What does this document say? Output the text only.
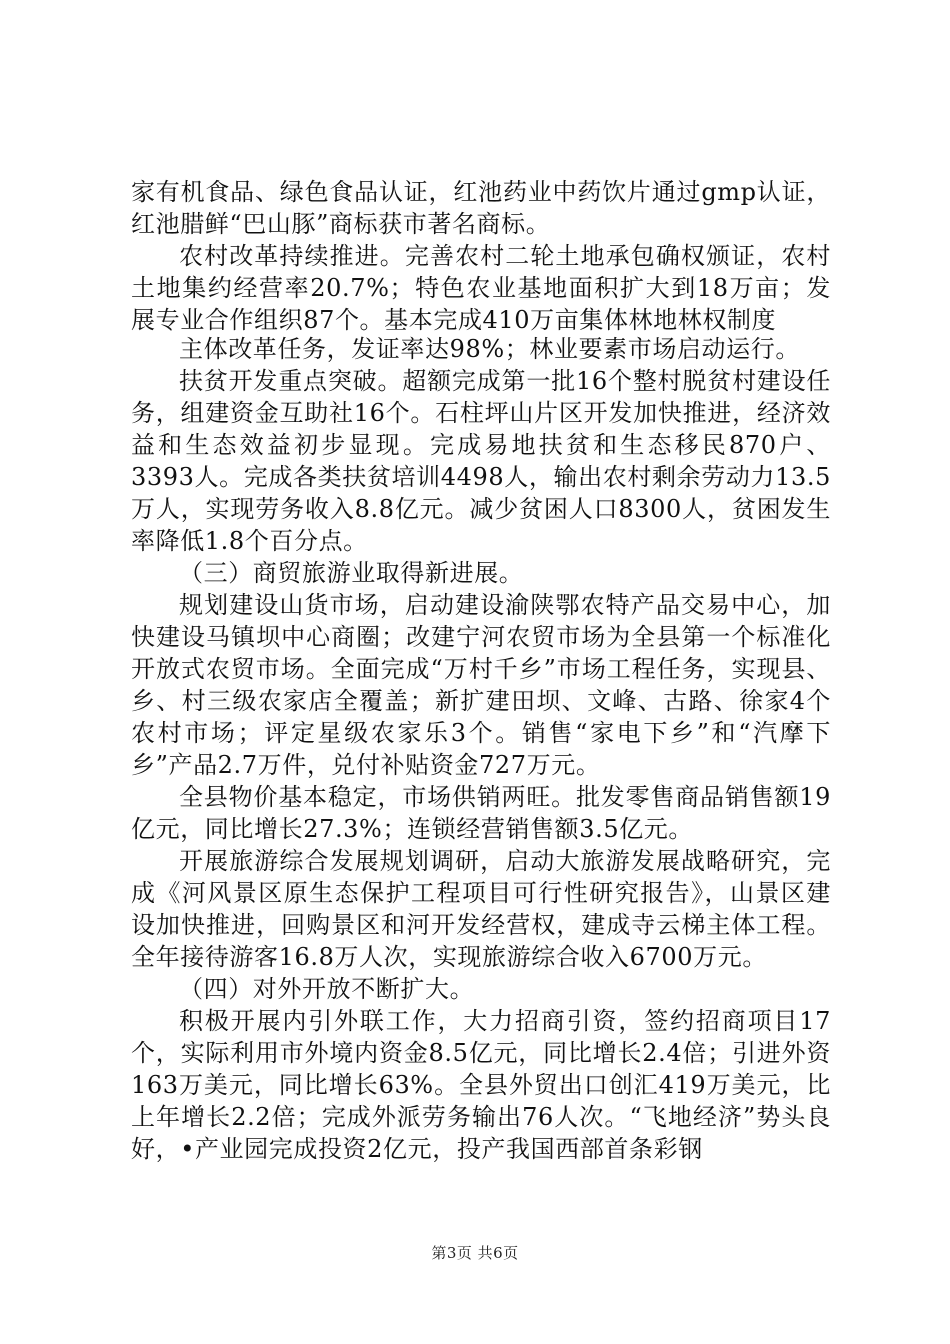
家有机食品、绿色食品认证，红池药业中药饮片通过gmp认证，红池腊鲜“巴山豚”商标获市著名商标。

农村改革持续推进。完善农村二轮土地承包确权颁证，农村土地集约经营率20.7%；特色农业基地面积扩大到18万亩；发展专业合作组织87个。基本完成410万亩集体林地林权制度

主体改革任务，发证率达98%；林业要素市场启动运行。

扶贫开发重点突破。超额完成第一批16个整村脱贫村建设任务，组建资金互助社16个。石柱坪山片区开发加快推进，经济效益和生态效益初步显现。完成易地扶贫和生态移民870户、3393人。完成各类扶贫培训4498人，输出农村剩余劳动力13.5万人，实现劳务收入8.8亿元。减少贫困人口8300人，贫困发生率降低1.8个百分点。

（三）商贸旅游业取得新进展。

规划建设山货市场，启动建设渝陕鄂农特产品交易中心，加快建设马镇坝中心商圈；改建宁河农贸市场为全县第一个标准化开放式农贸市场。全面完成“万村千乡”市场工程任务，实现县、乡、村三级农家店全覆盖；新扩建田坝、文峰、古路、徐家4个农村市场；评定星级农家乐3个。销售“家电下乡”和“汽摩下乡”产品2.7万件，兑付补贴资金727万元。

全县物价基本稳定，市场供销两旺。批发零售商品销售额19亿元，同比增长27.3%；连锁经营销售额3.5亿元。

开展旅游综合发展规划调研，启动大旅游发展战略研究，完成《河风景区原生态保护工程项目可行性研究报告》，山景区建设加快推进，回购景区和河开发经营权，建成寺云梯主体工程。全年接待游客16.8万人次，实现旅游综合收入6700万元。

（四）对外开放不断扩大。

积极开展内引外联工作，大力招商引资，签约招商项目17个，实际利用市外境内资金8.5亿元，同比增长2.4倍；引进外资163万美元，同比增长63%。全县外贸出口创汇419万美元，比上年增长2.2倍；完成外派劳务输出76人次。“飞地经济”势头良好，•产业园完成投资2亿元，投产我国西部首条彩钢

第3页 共6页
